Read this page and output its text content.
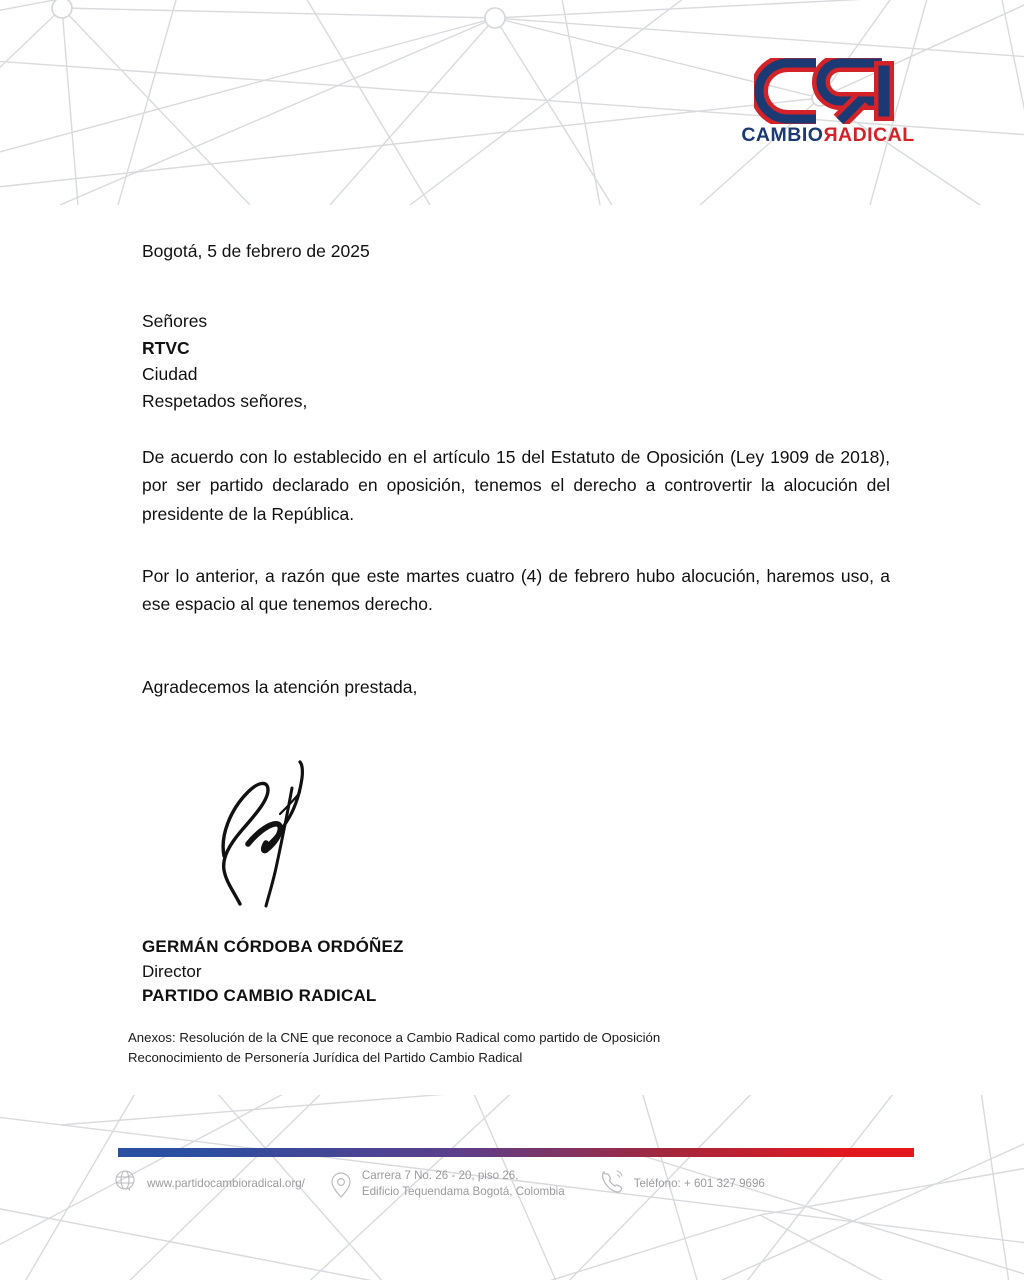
CAMBIORADICAL
Bogotá, 5 de febrero de 2025
Señores
RTVC
Ciudad
Respetados señores,
De acuerdo con lo establecido en el artículo 15 del Estatuto de Oposición (Ley 1909 de 2018), por ser partido declarado en oposición, tenemos el derecho a controvertir la alocución del presidente de la República.
Por lo anterior, a razón que este martes cuatro (4) de febrero hubo alocución, haremos uso, a ese espacio al que tenemos derecho.
Agradecemos la atención prestada,
GERMÁN CÓRDOBA ORDÓÑEZ
Director
PARTIDO CAMBIO RADICAL
Anexos: Resolución de la CNE que reconoce a Cambio Radical como partido de Oposición
Reconocimiento de Personería Jurídica del Partido Cambio Radical
www.partidocambioradical.org/
Carrera 7 No. 26 - 20, piso 26,
Edificio Tequendama Bogotá, Colombia
Teléfono: + 601 327 9696
